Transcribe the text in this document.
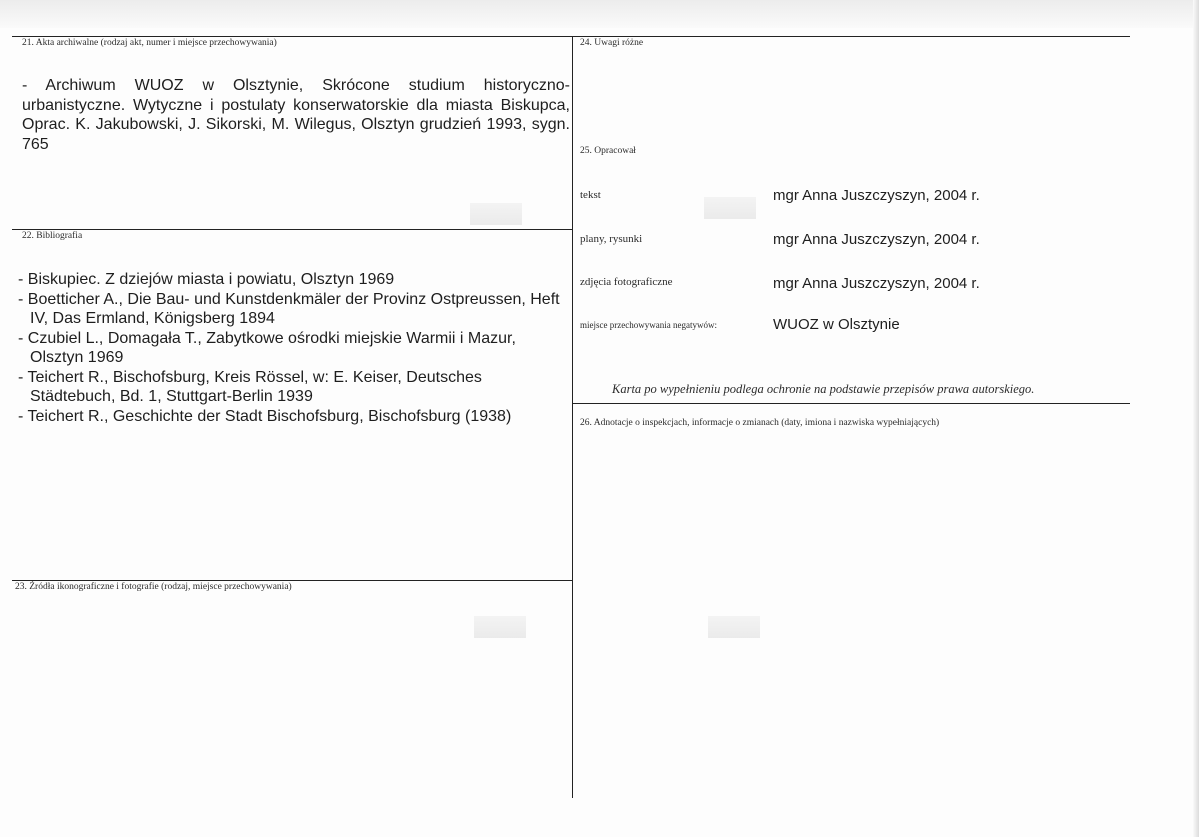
21. Akta archiwalne (rodzaj akt, numer i miejsce przechowywania)
- Archiwum WUOZ w Olsztynie, Skrócone studium historyczno-urbanistyczne. Wytyczne i postulaty konserwatorskie dla miasta Biskupca, Oprac. K. Jakubowski, J. Sikorski, M. Wilegus, Olsztyn grudzień 1993, sygn. 765
22. Bibliografia

- Biskupiec. Z dziejów miasta i powiatu, Olsztyn 1969

- Boetticher A., Die Bau- und Kunstdenkmäler der Provinz Ostpreussen, Heft IV, Das Ermland, Königsberg 1894

- Czubiel L., Domagała T., Zabytkowe ośrodki miejskie Warmii i Mazur, Olsztyn 1969

- Teichert R., Bischofsburg, Kreis Rössel, w: E. Keiser, Deutsches Städtebuch, Bd. 1, Stuttgart-Berlin 1939

- Teichert R., Geschichte der Stadt Bischofsburg, Bischofsburg (1938)

23. Źródła ikonograficzne i fotografie (rodzaj, miejsce przechowywania)
24. Uwagi różne
25. Opracował
tekst	mgr Anna Juszczyszyn, 2004 r.
plany, rysunki	mgr Anna Juszczyszyn, 2004 r.
zdjęcia fotograficzne	mgr Anna Juszczyszyn, 2004 r.
miejsce przechowywania negatywów:	WUOZ w Olsztynie
Karta po wypełnieniu podlega ochronie na podstawie przepisów prawa autorskiego.
26. Adnotacje o inspekcjach, informacje o zmianach (daty, imiona i nazwiska wypełniających)
